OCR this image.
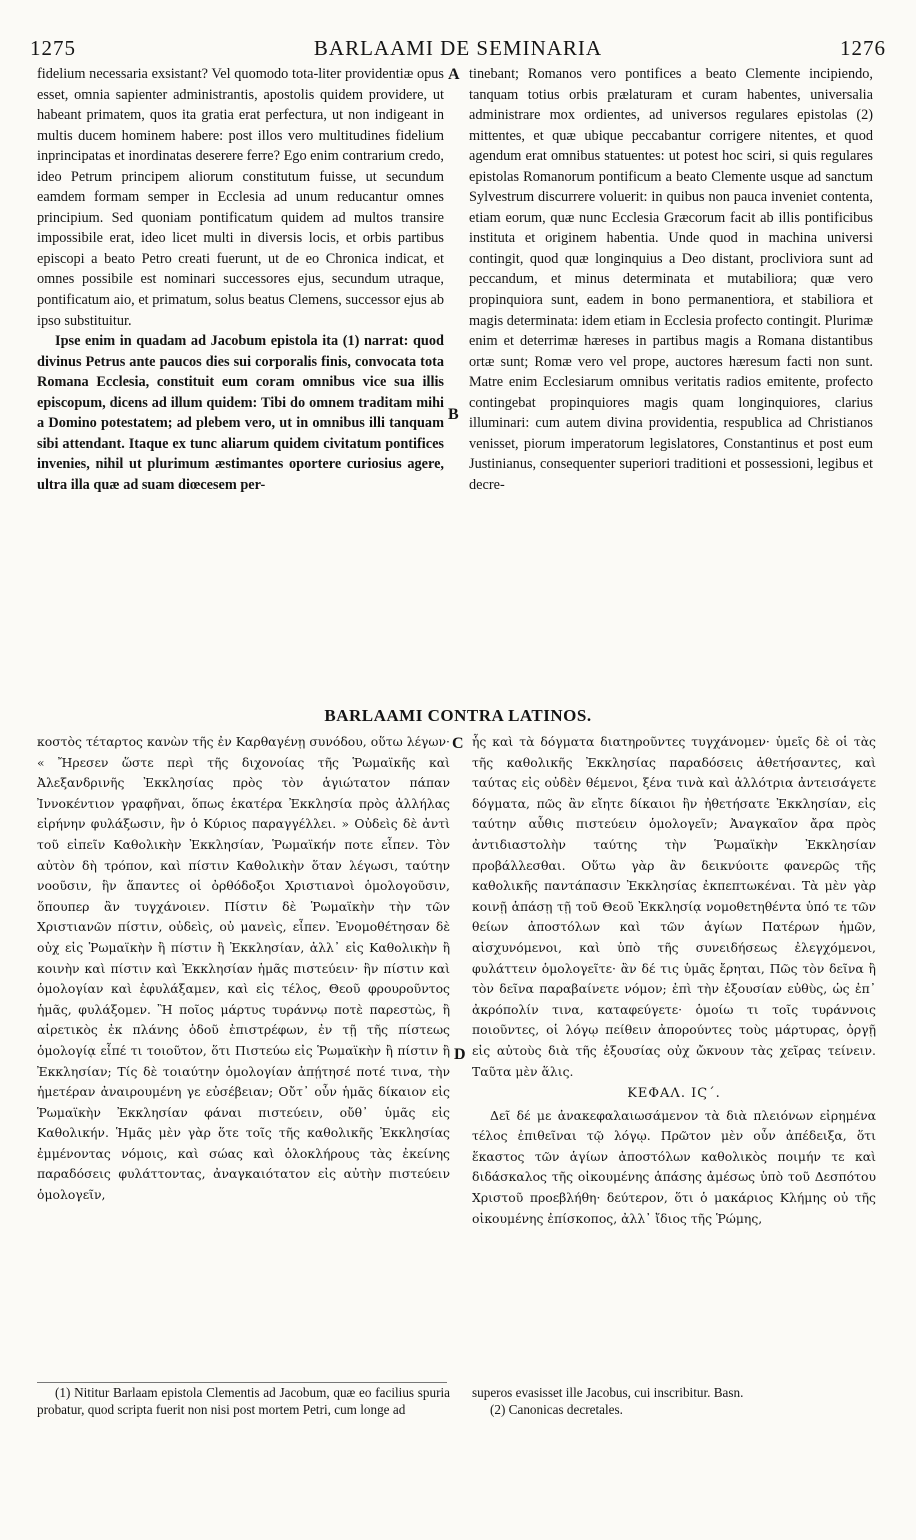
1275	BARLAAMI DE SEMINARIA	1276

fidelium necessaria exsistant? Vel quomodo tota-liter providentiæ opus esset, omnia sapienter administrantis, apostolis quidem providere, ut habeant primatem, quos ita gratia erat perfectura, ut non indigeant in multis ducem hominem habere: post illos vero multitudines fidelium inprincipatas et inordinatas deserere ferre? Ego enim contrarium credo, ideo Petrum principem aliorum constitutum fuisse, ut secundum eamdem formam semper in Ecclesia ad unum reducantur omnes principium. Sed quoniam pontificatum quidem ad multos transire impossibile erat, ideo licet multi in diversis locis, et orbis partibus episcopi a beato Petro creati fuerunt, ut de eo Chronica indicat, et omnes possibile est nominari successores ejus, secundum utraque, pontificatum aio, et primatum, solus beatus Clemens, successor ejus ab ipso substituitur.

Ipse enim in quadam ad Jacobum epistola ita (1) narrat: quod divinus Petrus ante paucos dies sui corporalis finis, convocata tota Romana Ecclesia, constituit eum coram omnibus vice sua illis episcopum, dicens ad illum quidem: Tibi do omnem traditam mihi a Domino potestatem; ad plebem vero, ut in omnibus illi tanquam sibi attendant. Itaque ex tunc aliarum quidem civitatum pontifices invenies, nihil ut plurimum æstimantes oportere curiosius agere, ultra illa quæ ad suam diœcesem per-

tinebant; Romanos vero pontifices a beato Clemente incipiendo, tanquam totius orbis prælaturam et curam habentes, universalia administrare mox ordientes, ad universos regulares epistolas (2) mittentes, et quæ ubique peccabantur corrigere nitentes, et quod agendum erat omnibus statuentes: ut potest hoc sciri, si quis regulares epistolas Romanorum pontificum a beato Clemente usque ad sanctum Sylvestrum discurrere voluerit: in quibus non pauca inveniet contenta, etiam eorum, quæ nunc Ecclesia Græcorum facit ab illis pontificibus instituta et originem habentia. Unde quod in machina universi contingit, quod quæ longinquius a Deo distant, procliviora sunt ad peccandum, et minus determinata et mutabiliora; quæ vero propinquiora sunt, eadem in bono permanentiora, et stabiliora et magis determinata: idem etiam in Ecclesia profecto contingit. Plurimæ enim et deterrimæ hæreses in partibus magis a Romana distantibus ortæ sunt; Romæ vero vel prope, auctores hæresum facti non sunt. Matre enim Ecclesiarum omnibus veritatis radios emitente, profecto contingebat propinquiores magis quam longinquiores, clarius illuminari: cum autem divina providentia, respublica ad Christianos venisset, piorum imperatorum legislatores, Constantinus et post eum Justinianus, consequenter superiori traditioni et possessioni, legibus et decre-

A
B
C
D
BARLAAMI CONTRA LATINOS.

κοστὸς τέταρτος κανὼν τῆς ἐν Καρθαγένῃ συνόδου, οὕτω λέγων· « Ἤρεσεν ὥστε περὶ τῆς διχονοίας τῆς Ῥωμαϊκῆς καὶ Ἀλεξανδρινῆς Ἐκκλησίας πρὸς τὸν ἁγιώτατον πάπαν Ἰννοκέντιον γραφῆναι, ὅπως ἑκατέρα Ἐκκλησία πρὸς ἀλλήλας εἰρήνην φυλάξωσιν, ἣν ὁ Κύριος παραγγέλλει. » Οὐδεὶς δὲ ἀντὶ τοῦ εἰπεῖν Καθολικὴν Ἐκκλησίαν, Ῥωμαϊκήν ποτε εἶπεν. Τὸν αὐτὸν δὴ τρόπον, καὶ πίστιν Καθολικὴν ὅταν λέγωσι, ταύτην νοοῦσιν, ἣν ἅπαντες οἱ ὀρθόδοξοι Χριστιανοὶ ὁμολογοῦσιν, ὅπουπερ ἂν τυγχάνοιεν. Πίστιν δὲ Ῥωμαϊκὴν τὴν τῶν Χριστιανῶν πίστιν, οὐδεὶς, οὐ μανεὶς, εἶπεν. Ἐνομοθέτησαν δὲ οὐχ εἰς Ῥωμαϊκὴν ἢ πίστιν ἢ Ἐκκλησίαν, ἀλλ᾽ εἰς Καθολικὴν ἢ κοινὴν καὶ πίστιν καὶ Ἐκκλησίαν ἡμᾶς πιστεύειν· ἣν πίστιν καὶ ὁμολογίαν καὶ ἐφυλάξαμεν, καὶ εἰς τέλος, Θεοῦ φρουροῦντος ἡμᾶς, φυλάξομεν. Ἢ ποῖος μάρτυς τυράννῳ ποτὲ παρεστὼς, ἢ αἱρετικὸς ἐκ πλάνης ὁδοῦ ἐπιστρέφων, ἐν τῇ τῆς πίστεως ὁμολογίᾳ εἶπέ τι τοιοῦτον, ὅτι Πιστεύω εἰς Ῥωμαϊκὴν ἢ πίστιν ἢ Ἐκκλησίαν; Τίς δὲ τοιαύτην ὁμολογίαν ἀπῄτησέ ποτέ τινα, τὴν ἡμετέραν ἀναιρουμένη γε εὐσέβειαν; Οὔτ᾽ οὖν ἡμᾶς δίκαιον εἰς Ῥωμαϊκὴν Ἐκκλησίαν φάναι πιστεύειν, οὔθ᾽ ὑμᾶς εἰς Καθολικήν. Ἡμᾶς μὲν γὰρ ὅτε τοῖς τῆς καθολικῆς Ἐκκλησίας ἐμμένοντας νόμοις, καὶ σώας καὶ ὁλοκλήρους τὰς ἐκείνης παραδόσεις φυλάττοντας, ἀναγκαιότατον εἰς αὐτὴν πιστεύειν ὁμολογεῖν,

ἧς καὶ τὰ δόγματα διατηροῦντες τυγχάνομεν· ὑμεῖς δὲ οἱ τὰς τῆς καθολικῆς Ἐκκλησίας παραδόσεις ἀθετήσαντες, καὶ ταύτας εἰς οὐδὲν θέμενοι, ξένα τινὰ καὶ ἀλλότρια ἀντεισάγετε δόγματα, πῶς ἂν εἴητε δίκαιοι ἣν ἠθετήσατε Ἐκκλησίαν, εἰς ταύτην αὖθις πιστεύειν ὁμολογεῖν; Ἀναγκαῖον ἄρα πρὸς ἀντιδιαστολὴν ταύτης τὴν Ῥωμαϊκὴν Ἐκκλησίαν προβάλλεσθαι. Οὕτω γὰρ ἂν δεικνύοιτε φανερῶς τῆς καθολικῆς παντάπασιν Ἐκκλησίας ἐκπεπτωκέναι. Τὰ μὲν γὰρ κοινῇ ἁπάσῃ τῇ τοῦ Θεοῦ Ἐκκλησίᾳ νομοθετηθέντα ὑπό τε τῶν θείων ἀποστόλων καὶ τῶν ἁγίων Πατέρων ἡμῶν, αἰσχυνόμενοι, καὶ ὑπὸ τῆς συνειδήσεως ἐλεγχόμενοι, φυλάττειν ὁμολογεῖτε· ἂν δέ τις ὑμᾶς ἔρηται, Πῶς τὸν δεῖνα ἢ τὸν δεῖνα παραβαίνετε νόμον; ἐπὶ τὴν ἐξουσίαν εὐθὺς, ὡς ἐπ᾽ ἀκρόπολίν τινα, καταφεύγετε· ὁμοίω τι τοῖς τυράννοις ποιοῦντες, οἱ λόγῳ πείθειν ἀπορούντες τοὺς μάρτυρας, ὀργῇ εἰς αὐτοὺς διὰ τῆς ἐξουσίας οὐχ ὤκνουν τὰς χεῖρας τείνειν. Ταῦτα μὲν ἅλις.

ΚΕΦΑΛ. ΙϚ΄.

Δεῖ δέ με ἀνακεφαλαιωσάμενον τὰ διὰ πλειόνων εἰρημένα τέλος ἐπιθεῖναι τῷ λόγῳ. Πρῶτον μὲν οὖν ἀπέδειξα, ὅτι ἕκαστος τῶν ἁγίων ἀποστόλων καθολικὸς ποιμήν τε καὶ διδάσκαλος τῆς οἰκουμένης ἁπάσης ἀμέσως ὑπὸ τοῦ Δεσπότου Χριστοῦ προεβλήθη· δεύτερον, ὅτι ὁ μακάριος Κλήμης οὐ τῆς οἰκουμένης ἐπίσκοπος, ἀλλ᾽ ἴδιος τῆς Ῥώμης,

(1) Nititur Barlaam epistola Clementis ad Jacobum, quæ eo facilius spuria probatur, quod scripta fuerit non nisi post mortem Petri, cum longe ad

superos evasisset ille Jacobus, cui inscribitur. Basn.

(2) Canonicas decretales.
